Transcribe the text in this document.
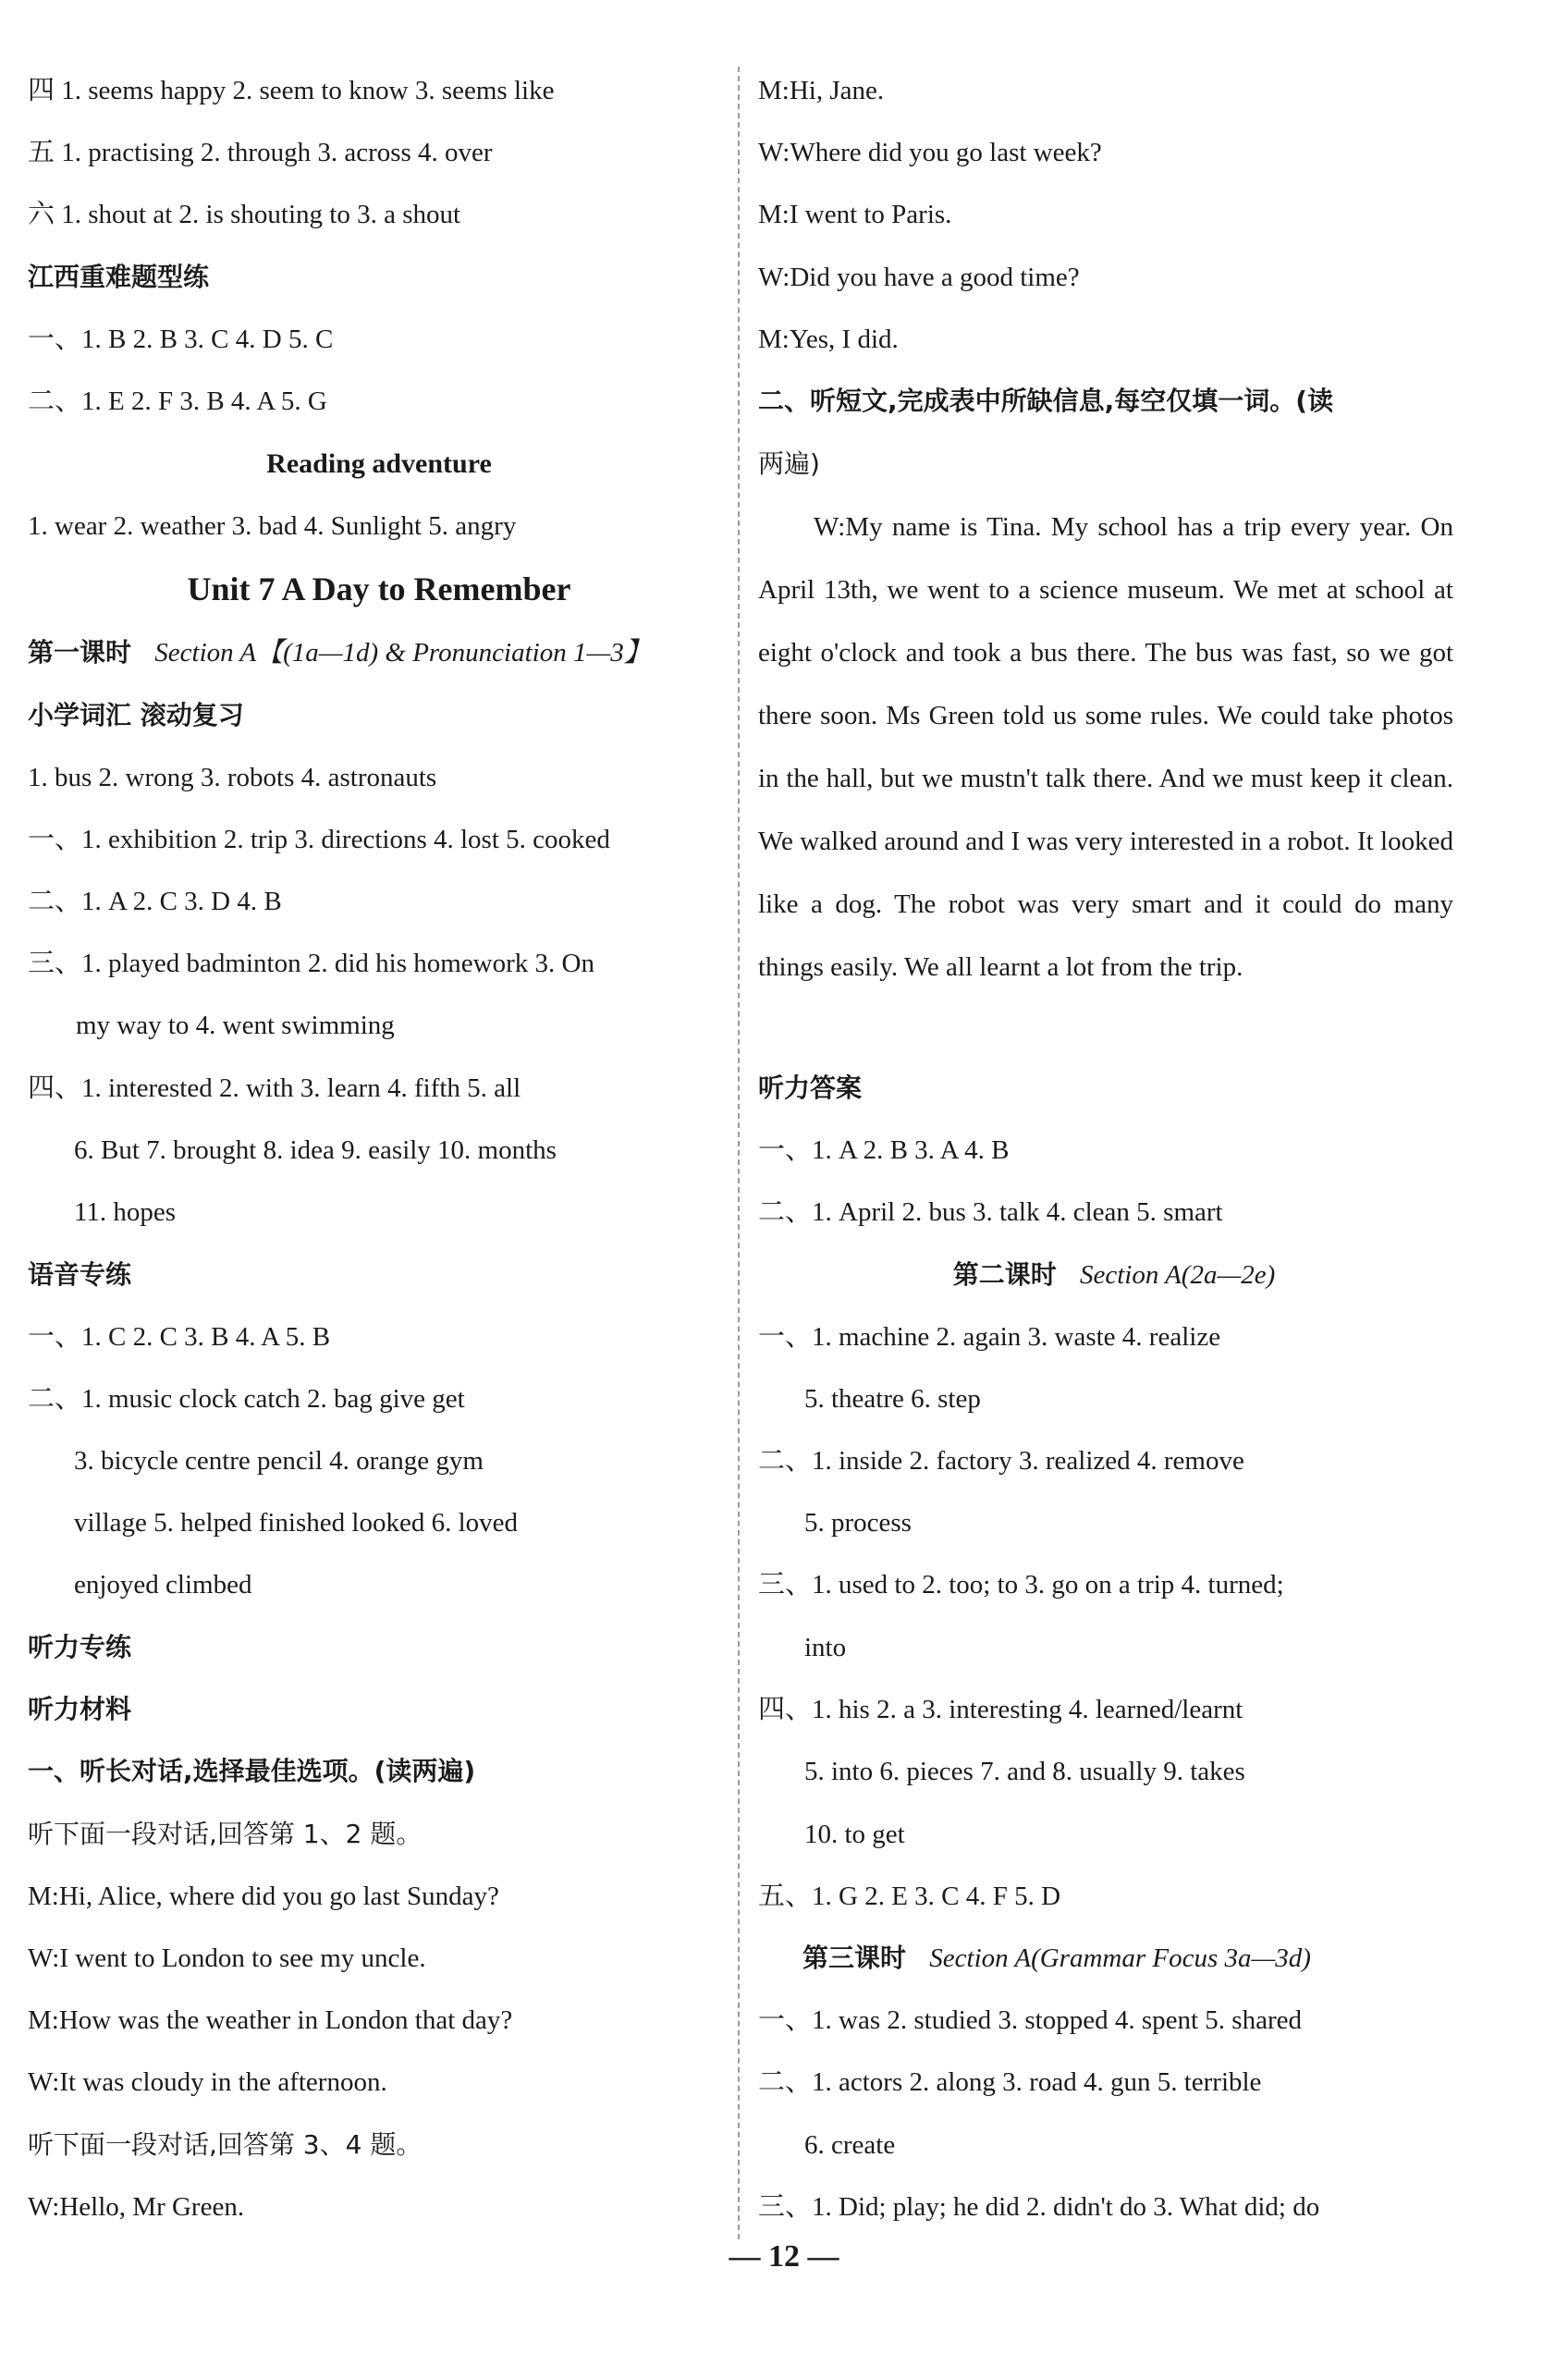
四 1. seems happy 2. seem to know 3. seems like
五 1. practising 2. through 3. across 4. over
六 1. shout at 2. is shouting to 3. a shout
江西重难题型练
一、1. B 2. B 3. C 4. D 5. C
二、1. E 2. F 3. B 4. A 5. G
Reading adventure
1. wear 2. weather 3. bad 4. Sunlight 5. angry
Unit 7 A Day to Remember
第一课时 Section A【(1a—1d) & Pronunciation 1—3】
小学词汇 滚动复习
1. bus 2. wrong 3. robots 4. astronauts
一、1. exhibition 2. trip 3. directions 4. lost 5. cooked
二、1. A 2. C 3. D 4. B
三、1. played badminton 2. did his homework 3. On
my way to 4. went swimming
四、1. interested 2. with 3. learn 4. fifth 5. all
6. But 7. brought 8. idea 9. easily 10. months
11. hopes
语音专练
一、1. C 2. C 3. B 4. A 5. B
二、1. music clock catch 2. bag give get
3. bicycle centre pencil 4. orange gym
village 5. helped finished looked 6. loved
enjoyed climbed
听力专练
听力材料
一、听长对话,选择最佳选项。(读两遍)
听下面一段对话,回答第 1、2 题。
M:Hi, Alice, where did you go last Sunday?
W:I went to London to see my uncle.
M:How was the weather in London that day?
W:It was cloudy in the afternoon.
听下面一段对话,回答第 3、4 题。
W:Hello, Mr Green.
M:Hi, Jane.
W:Where did you go last week?
M:I went to Paris.
W:Did you have a good time?
M:Yes, I did.
二、听短文,完成表中所缺信息,每空仅填一词。(读
两遍)
W:My name is Tina. My school has a trip every year. On April 13th, we went to a science museum. We met at school at eight o'clock and took a bus there. The bus was fast, so we got there soon. Ms Green told us some rules. We could take photos in the hall, but we mustn't talk there. And we must keep it clean. We walked around and I was very interested in a robot. It looked like a dog. The robot was very smart and it could do many things easily. We all learnt a lot from the trip.
听力答案
一、1. A 2. B 3. A 4. B
二、1. April 2. bus 3. talk 4. clean 5. smart
第二课时 Section A(2a—2e)
一、1. machine 2. again 3. waste 4. realize
5. theatre 6. step
二、1. inside 2. factory 3. realized 4. remove
5. process
三、1. used to 2. too; to 3. go on a trip 4. turned;
into
四、1. his 2. a 3. interesting 4. learned/learnt
5. into 6. pieces 7. and 8. usually 9. takes
10. to get
五、1. G 2. E 3. C 4. F 5. D
第三课时 Section A(Grammar Focus 3a—3d)
一、1. was 2. studied 3. stopped 4. spent 5. shared
二、1. actors 2. along 3. road 4. gun 5. terrible
6. create
三、1. Did; play; he did 2. didn't do 3. What did; do
— 12 —
